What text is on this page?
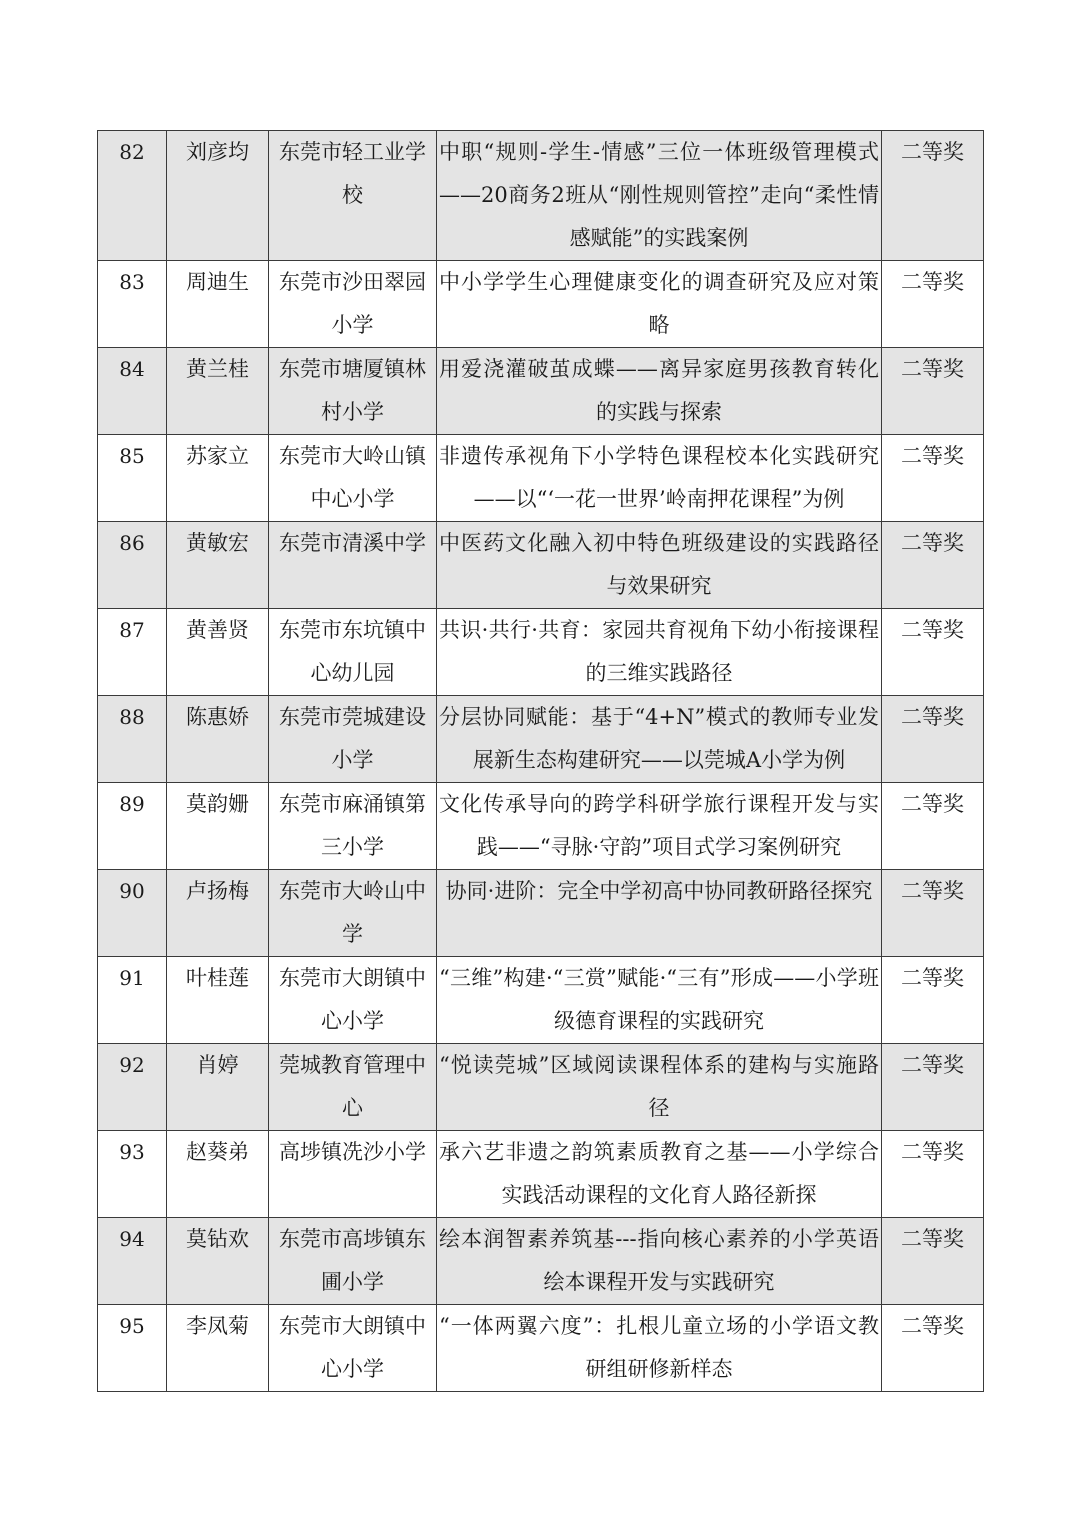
82	刘彦均	东莞市轻工业学校	中职“规则-学生-情感”三位一体班级管理模式——20商务2班从“刚性规则管控”走向“柔性情感赋能”的实践案例	二等奖
83	周迪生	东莞市沙田翠园小学	中小学学生心理健康变化的调查研究及应对策略	二等奖
84	黄兰桂	东莞市塘厦镇林村小学	用爱浇灌破茧成蝶——离异家庭男孩教育转化的实践与探索	二等奖
85	苏家立	东莞市大岭山镇中心小学	非遗传承视角下小学特色课程校本化实践研究——以“‘一花一世界’岭南押花课程”为例	二等奖
86	黄敏宏	东莞市清溪中学	中医药文化融入初中特色班级建设的实践路径与效果研究	二等奖
87	黄善贤	东莞市东坑镇中心幼儿园	共识·共行·共育：家园共育视角下幼小衔接课程的三维实践路径	二等奖
88	陈惠娇	东莞市莞城建设小学	分层协同赋能：基于“4+N”模式的教师专业发展新生态构建研究——以莞城A小学为例	二等奖
89	莫韵姗	东莞市麻涌镇第三小学	文化传承导向的跨学科研学旅行课程开发与实践——“寻脉·守韵”项目式学习案例研究	二等奖
90	卢扬梅	东莞市大岭山中学	协同·进阶：完全中学初高中协同教研路径探究	二等奖
91	叶桂莲	东莞市大朗镇中心小学	“三维”构建·“三赏”赋能·“三有”形成——小学班级德育课程的实践研究	二等奖
92	肖婷	莞城教育管理中心	“悦读莞城”区域阅读课程体系的建构与实施路径	二等奖
93	赵葵弟	高埗镇冼沙小学	承六艺非遗之韵筑素质教育之基——小学综合实践活动课程的文化育人路径新探	二等奖
94	莫钻欢	东莞市高埗镇东圃小学	绘本润智素养筑基---指向核心素养的小学英语绘本课程开发与实践研究	二等奖
95	李凤菊	东莞市大朗镇中心小学	“一体两翼六度”：扎根儿童立场的小学语文教研组研修新样态	二等奖
